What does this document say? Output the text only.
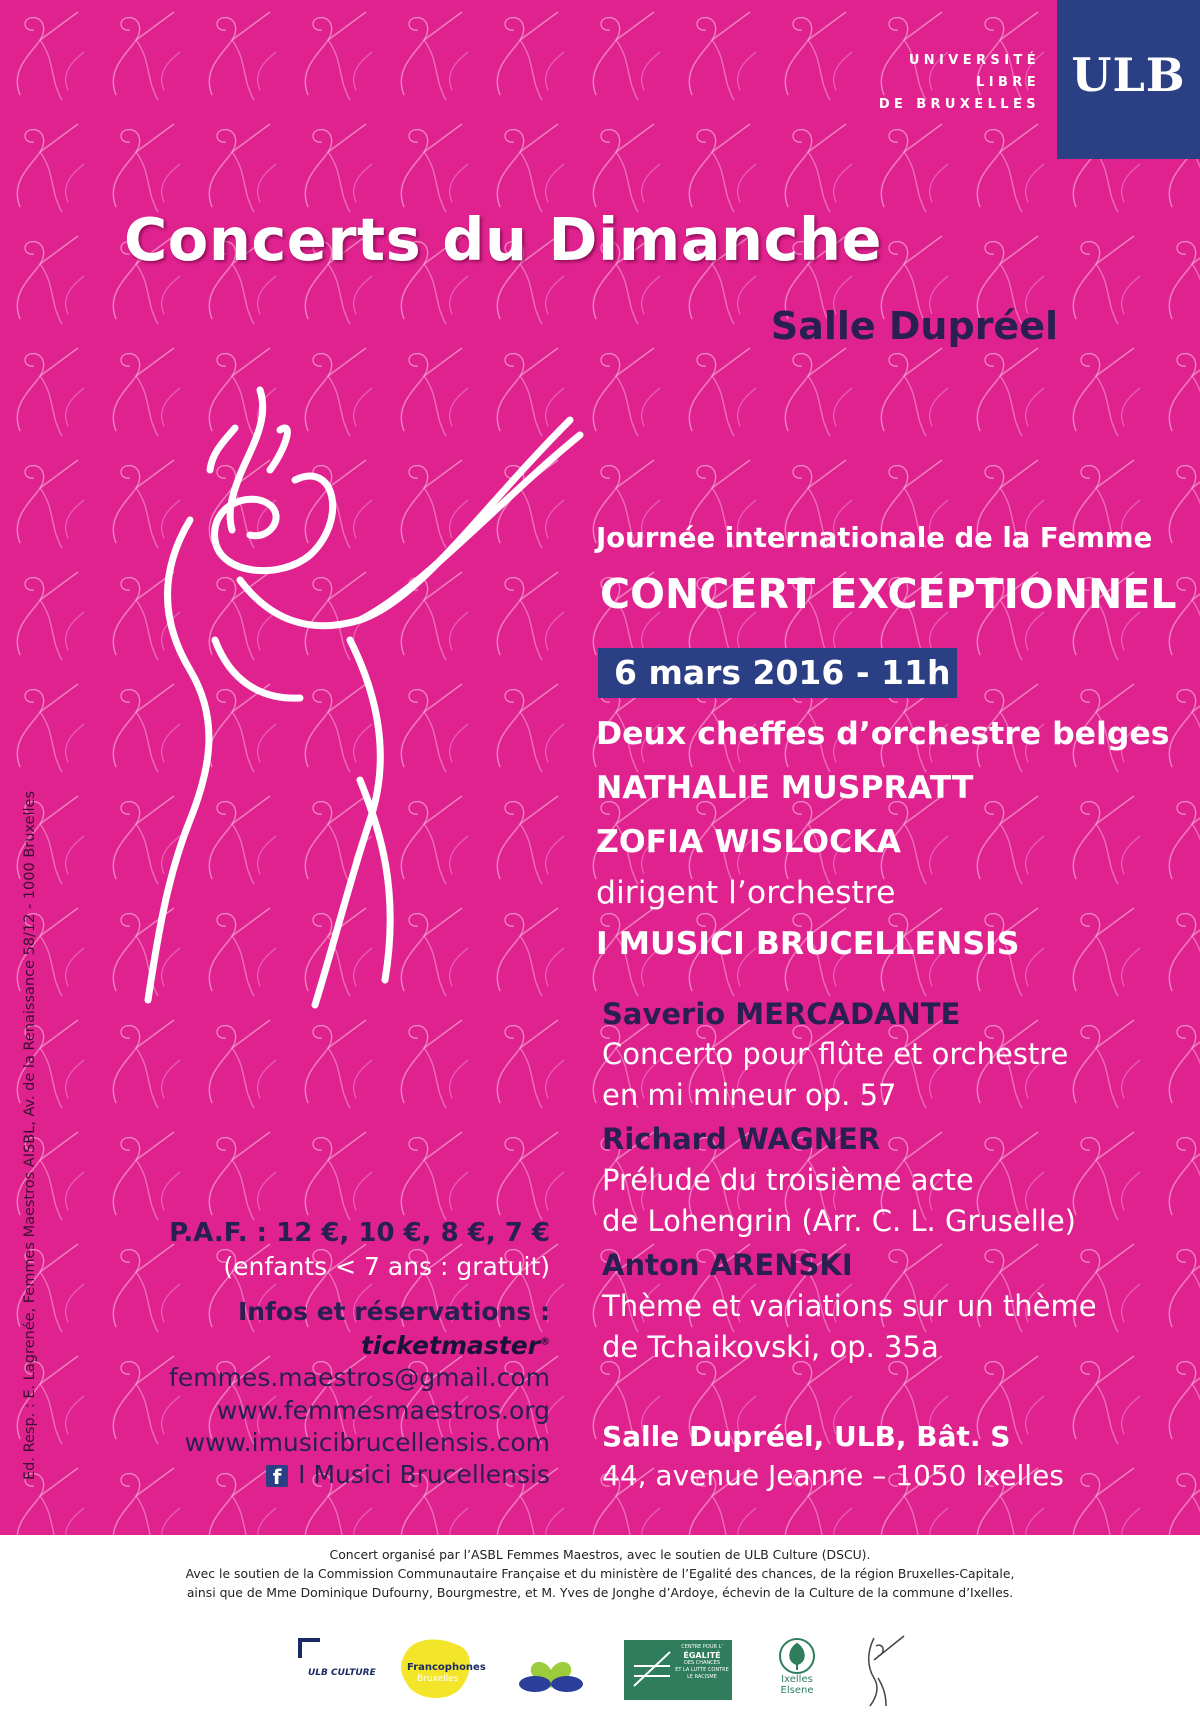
UNIVERSITÉ
LIBRE
DE BRUXELLES
ULB
Concerts du Dimanche
Salle Dupréel
Journée internationale de la Femme
CONCERT EXCEPTIONNEL
6 mars 2016 - 11h
Deux cheffes d’orchestre belges
NATHALIE MUSPRATT
ZOFIA WISLOCKA
dirigent l’orchestre
I MUSICI BRUCELLENSIS
Saverio MERCADANTE
Concerto pour flûte et orchestre
en mi mineur op. 57
Richard WAGNER
Prélude du troisième acte
de Lohengrin (Arr. C. L. Gruselle)
Anton ARENSKI
Thème et variations sur un thème
de Tchaikovski, op. 35a
Salle Dupréel, ULB, Bât. S
44, avenue Jeanne – 1050 Ixelles
P.A.F. : 12 €, 10 €, 8 €, 7 €
(enfants < 7 ans : gratuit)
Infos et réservations :
ticketmaster®
femmes.maestros@gmail.com
www.femmesmaestros.org
www.imusicibrucellensis.com
f I Musici Brucellensis
Ed. Resp. : E. Lagrenée, Femmes Maestros AISBL, Av. de la Renaissance 58/12 - 1000 Bruxelles
Concert organisé par l’ASBL Femmes Maestros, avec le soutien de ULB Culture (DSCU).
Avec le soutien de la Commission Communautaire Française et du ministère de l’Egalité des chances, de la région Bruxelles-Capitale,
ainsi que de Mme Dominique Dufourny, Bourgmestre, et M. Yves de Jonghe d’Ardoye, échevin de la Culture de la commune d’Ixelles.
ULB CULTURE	Francophones
Bruxelles
CENTRE POUR L'
ÉGALITÉ
DES CHANCES
ET LA LUTTE CONTRE
LE RACISME	Ixelles
Elsene
